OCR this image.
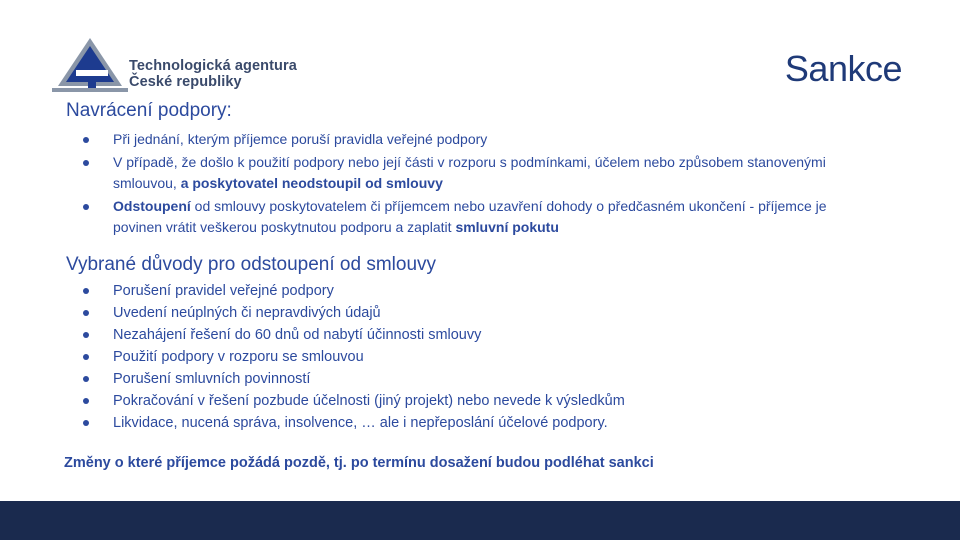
Technologická agentura
České republiky	Sankce
Navrácení podpory:
Při jednání, kterým příjemce poruší pravidla veřejné podpory
V případě, že došlo k použití podpory nebo její části v rozporu s podmínkami, účelem nebo způsobem stanovenými smlouvou, a poskytovatel neodstoupil od smlouvy
Odstoupení od smlouvy poskytovatelem či příjemcem nebo uzavření dohody o předčasném ukončení - příjemce je povinen vrátit veškerou poskytnutou podporu a zaplatit smluvní pokutu
Vybrané důvody pro odstoupení od smlouvy
Porušení pravidel veřejné podpory
Uvedení neúplných či nepravdivých údajů
Nezahájení řešení do 60 dnů od nabytí účinnosti smlouvy
Použití podpory v rozporu se smlouvou
Porušení smluvních povinností
Pokračování v řešení pozbude účelnosti (jiný projekt) nebo nevede k výsledkům
Likvidace, nucená správa, insolvence, … ale i nepřeposlání účelové podpory.
Změny o které příjemce požádá pozdě, tj. po termínu dosažení budou podléhat sankci
